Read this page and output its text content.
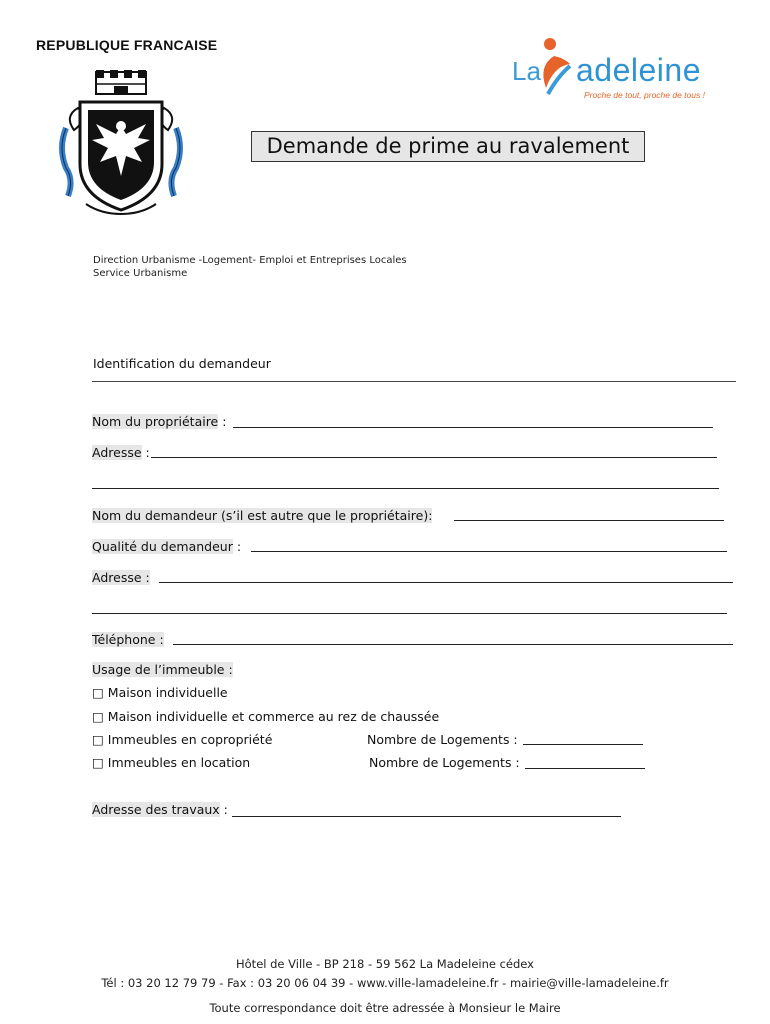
REPUBLIQUE FRANCAISE
La adeleine
Proche de tout, proche de tous !
Demande de prime au ravalement
Direction Urbanisme -Logement- Emploi et Entreprises Locales
Service Urbanisme
Identification du demandeur
Nom du propriétaire :
Adresse :
Nom du demandeur (s’il est autre que le propriétaire):
Qualité du demandeur :
Adresse :
Téléphone :
Usage de l’immeuble :
□ Maison individuelle
□ Maison individuelle et commerce au rez de chaussée
□ Immeubles en copropriété	Nombre de Logements :
□ Immeubles en location	Nombre de Logements :
Adresse des travaux :
Hôtel de Ville - BP 218 - 59 562 La Madeleine cédex
Tél : 03 20 12 79 79 - Fax : 03 20 06 04 39 - www.ville-lamadeleine.fr - mairie@ville-lamadeleine.fr
Toute correspondance doit être adressée à Monsieur le Maire
